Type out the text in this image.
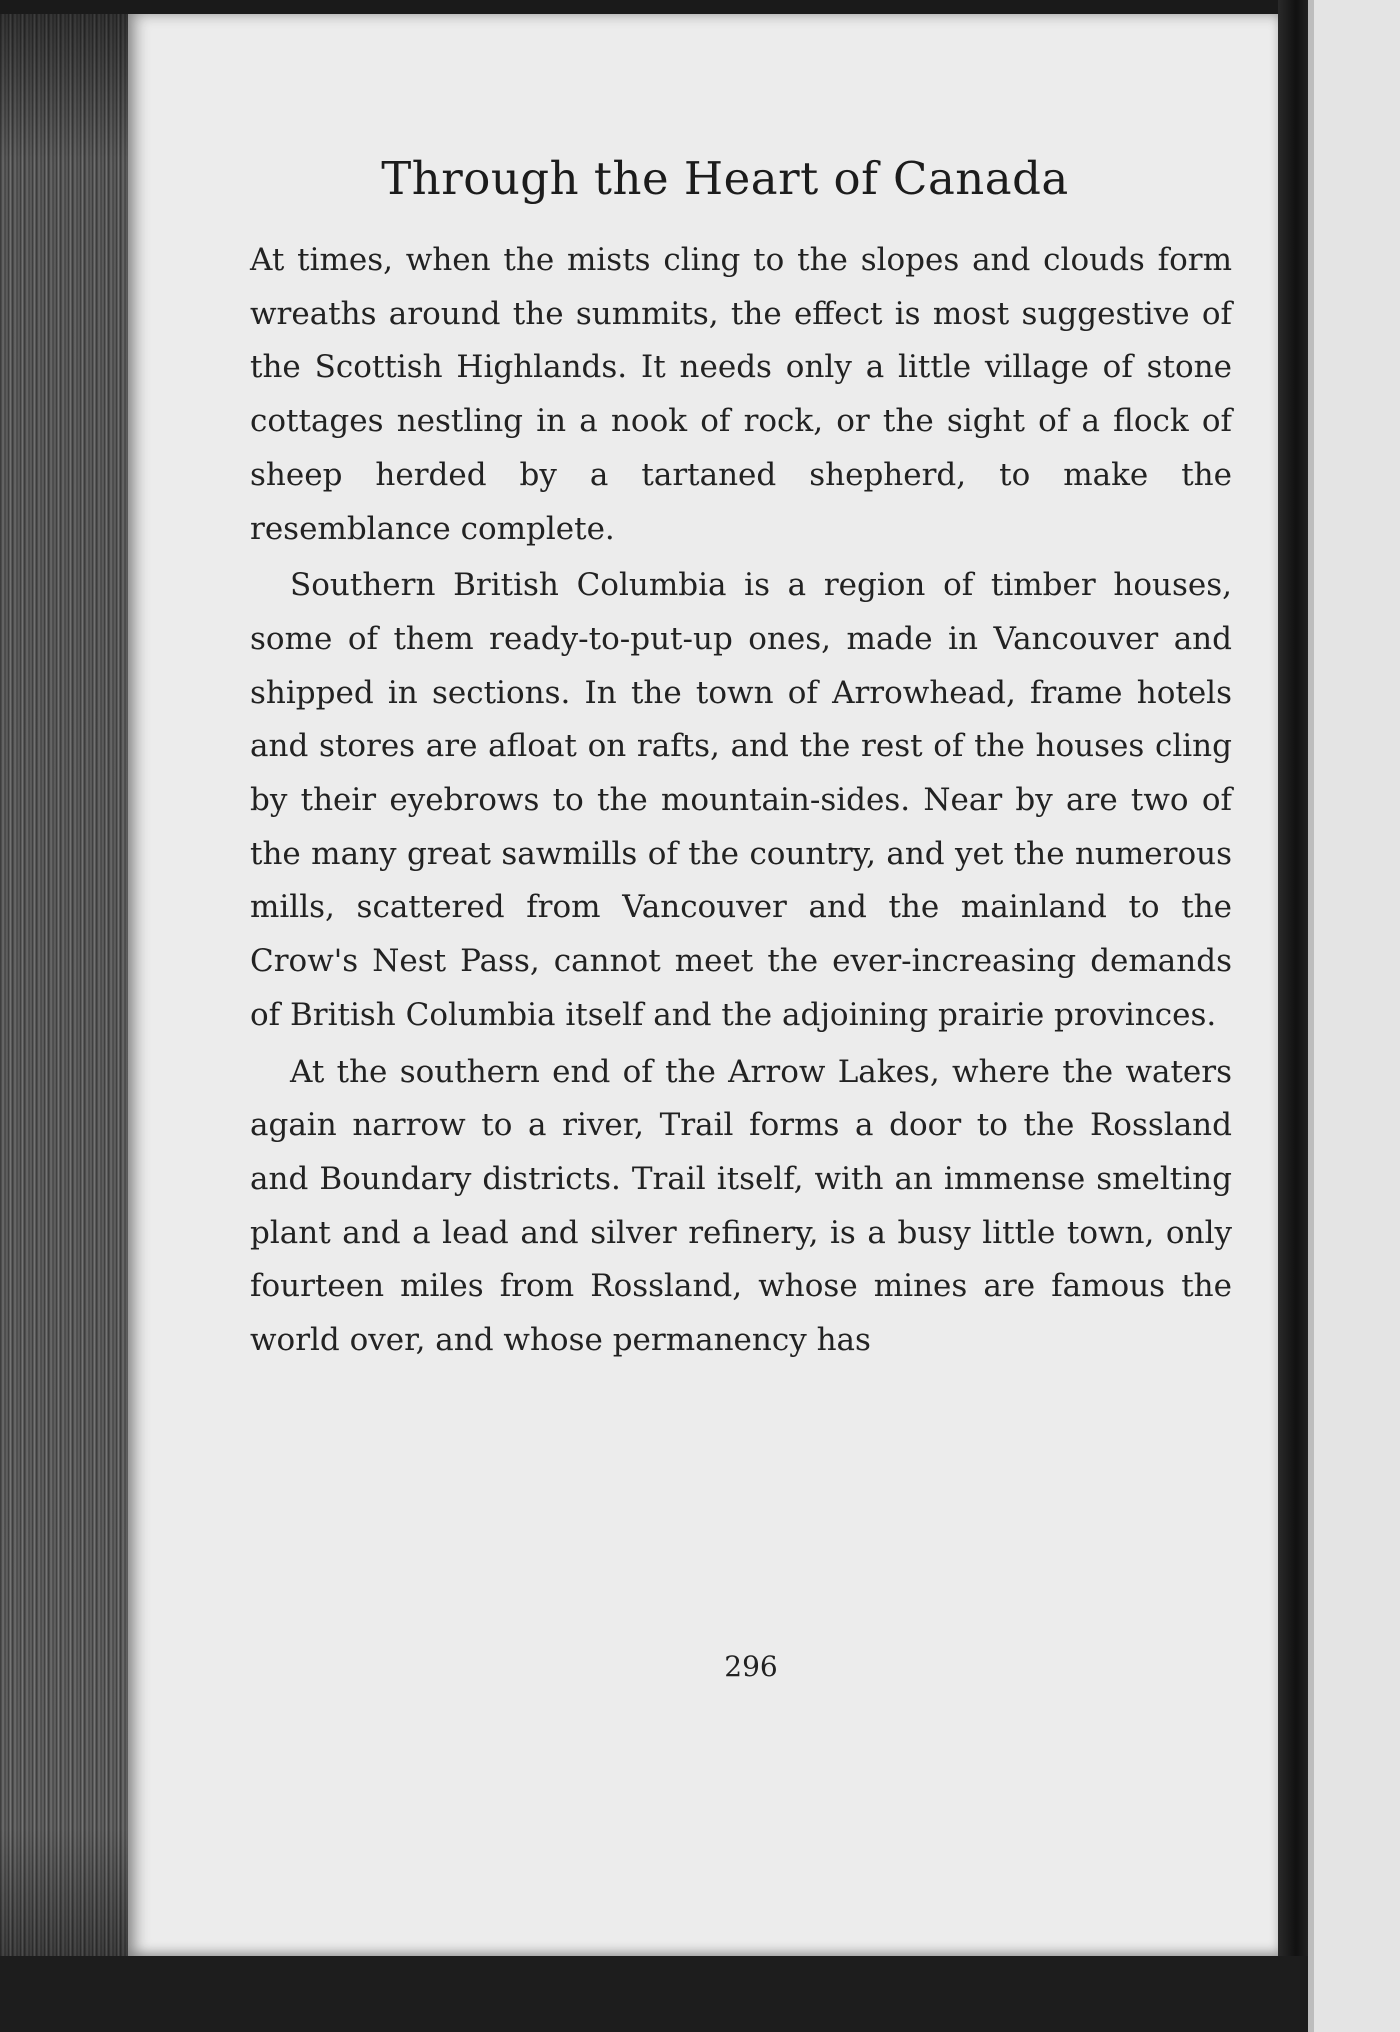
Through the Heart of Canada
296

At times, when the mists cling to the slopes and clouds form wreaths around the summits, the effect is most suggestive of the Scottish Highlands. It needs only a little village of stone cottages nestling in a nook of rock, or the sight of a flock of sheep herded by a tartaned shepherd, to make the resemblance complete.

Southern British Columbia is a region of timber houses, some of them ready-to-put-up ones, made in Vancouver and shipped in sections. In the town of Arrowhead, frame hotels and stores are afloat on rafts, and the rest of the houses cling by their eyebrows to the mountain-sides. Near by are two of the many great sawmills of the country, and yet the numerous mills, scattered from Vancouver and the mainland to the Crow's Nest Pass, cannot meet the ever-increasing demands of British Columbia itself and the adjoining prairie provinces.

At the southern end of the Arrow Lakes, where the waters again narrow to a river, Trail forms a door to the Rossland and Boundary districts. Trail itself, with an immense smelting plant and a lead and silver refinery, is a busy little town, only fourteen miles from Rossland, whose mines are famous the world over, and whose permanency has
